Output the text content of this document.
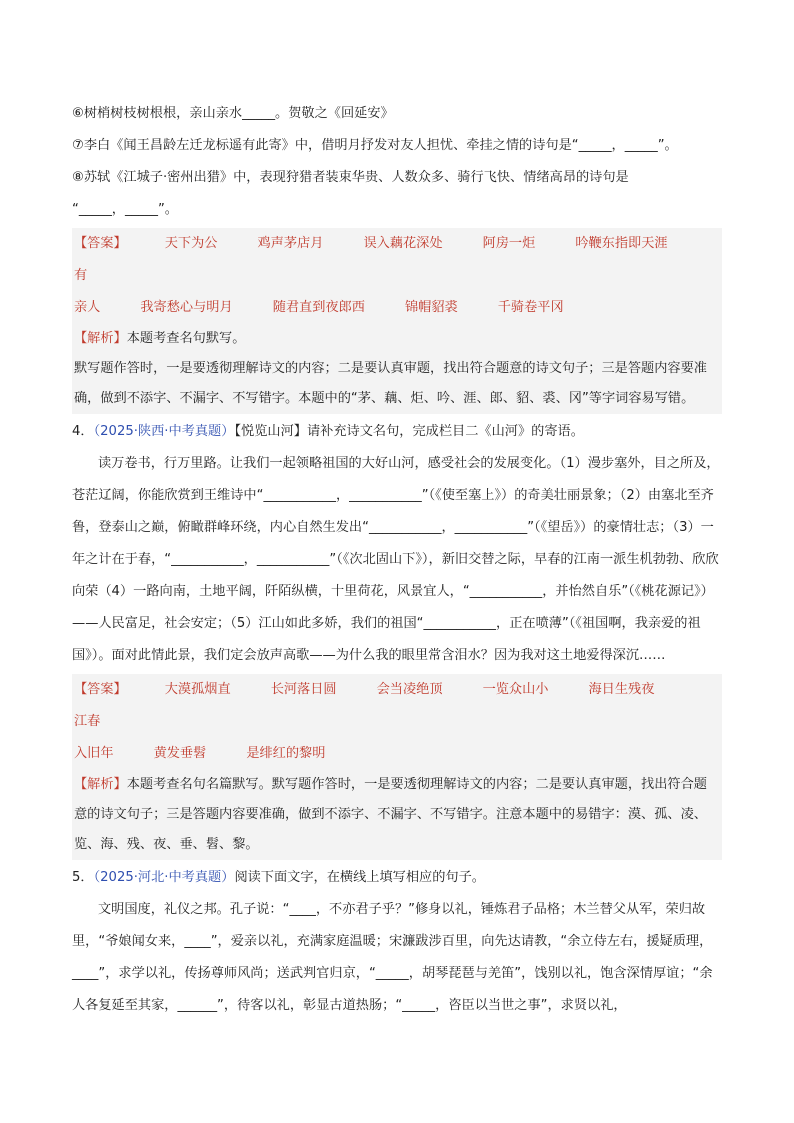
⑥树梢树枝树根根，亲山亲水_____。贺敬之《回延安》
⑦李白《闻王昌龄左迁龙标遥有此寄》中，借明月抒发对友人担忧、牵挂之情的诗句是“_____，_____”。
⑧苏轼《江城子·密州出猎》中，表现狩猎者装束华贵、人数众多、骑行飞快、情绪高昂的诗句是
“_____，_____”。
【答案】	天下为公	鸡声茅店月	误入藕花深处	阿房一炬	吟鞭东指即天涯
有
亲人	我寄愁心与明月	随君直到夜郎西	锦帽貂裘	千骑卷平冈
【解析】本题考查名句默写。
默写题作答时，一是要透彻理解诗文的内容；二是要认真审题，找出符合题意的诗文句子；三是答题内容要准确，做到不添字、不漏字、不写错字。本题中的“茅、藕、炬、吟、涯、郎、貂、裘、冈”等字词容易写错。
4．（2025·陕西·中考真题）【悦览山河】请补充诗文名句，完成栏目二《山河》的寄语。
读万卷书，行万里路。让我们一起领略祖国的大好山河，感受社会的发展变化。（1）漫步塞外，目之所及，苍茫辽阔，你能欣赏到王维诗中“___________，___________”（《使至塞上》）的奇美壮丽景象；（2）由塞北至齐鲁，登泰山之巅，俯瞰群峰环绕，内心自然生发出“___________，___________”（《望岳》）的豪情壮志；（3）一年之计在于春，“___________，___________”（《次北固山下》），新旧交替之际，早春的江南一派生机勃勃、欣欣向荣（4）一路向南，土地平阔，阡陌纵横，十里荷花，风景宜人，“___________，并怡然自乐”（《桃花源记》）——人民富足，社会安定；（5）江山如此多娇，我们的祖国“___________，正在喷薄”（《祖国啊，我亲爱的祖国》）。面对此情此景，我们定会放声高歌——为什么我的眼里常含泪水？因为我对这土地爱得深沉……
【答案】	大漠孤烟直	长河落日圆	会当凌绝顶	一览众山小	海日生残夜
江春
入旧年	黄发垂髫	是绯红的黎明
【解析】本题考查名句名篇默写。默写题作答时，一是要透彻理解诗文的内容；二是要认真审题，找出符合题意的诗文句子；三是答题内容要准确，做到不添字、不漏字、不写错字。注意本题中的易错字：漠、孤、凌、览、海、残、夜、垂、髫、黎。
5．（2025·河北·中考真题）阅读下面文字，在横线上填写相应的句子。
文明国度，礼仪之邦。孔子说：“____，不亦君子乎？”修身以礼，锤炼君子品格；木兰替父从军，荣归故里，“爷娘闻女来，____”，爱亲以礼，充满家庭温暖；宋濂跋涉百里，向先达请教，“余立侍左右，援疑质理，____”，求学以礼，传扬尊师风尚；送武判官归京，“_____，胡琴琵琶与羌笛”，饯别以礼，饱含深情厚谊；“余人各复延至其家，______”，待客以礼，彰显古道热肠；“_____，咨臣以当世之事”，求贤以礼，
